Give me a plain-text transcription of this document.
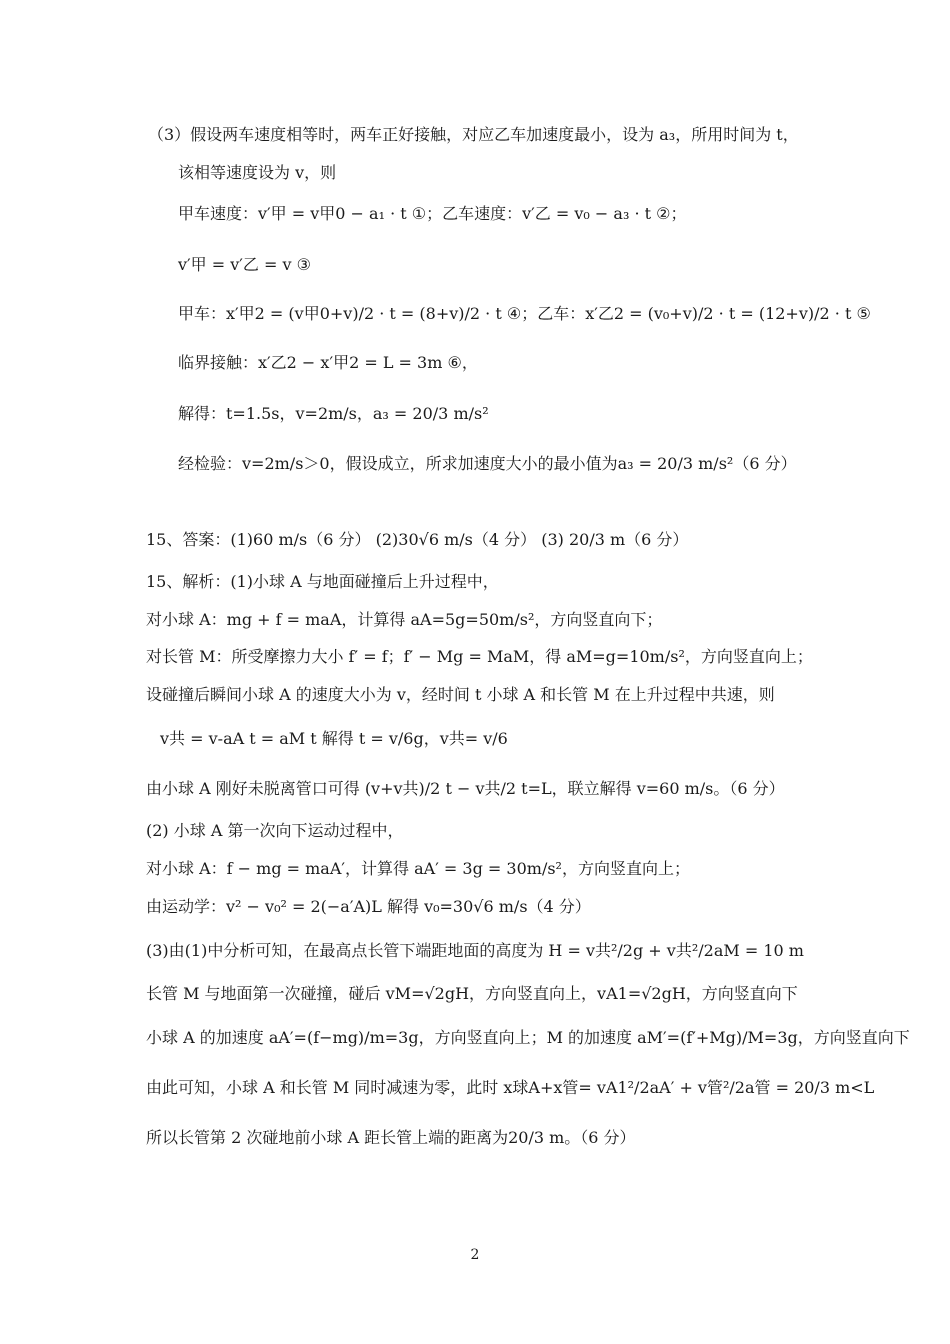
（3）假设两车速度相等时，两车正好接触，对应乙车加速度最小，设为 a₃，所用时间为 t，
该相等速度设为 v，则
甲车速度：v′甲 = v甲0 − a₁ · t ①；乙车速度：v′乙 = v₀ − a₃ · t ②；
v′甲 = v′乙 = v ③
甲车：x′甲2 = (v甲0+v)/2 · t = (8+v)/2 · t ④；乙车：x′乙2 = (v₀+v)/2 · t = (12+v)/2 · t ⑤
临界接触：x′乙2 − x′甲2 = L = 3m ⑥，
解得：t=1.5s，v=2m/s，a₃ = 20/3 m/s²
经检验：v=2m/s＞0，假设成立，所求加速度大小的最小值为a₃ = 20/3 m/s²（6 分）
15、答案：(1)60 m/s（6 分） (2)30√6 m/s（4 分） (3) 20/3 m（6 分）
15、解析：(1)小球 A 与地面碰撞后上升过程中，
对小球 A：mg + f = maA，计算得 aA=5g=50m/s²，方向竖直向下；
对长管 M：所受摩擦力大小 f′ = f；f′ − Mg = MaM，得 aM=g=10m/s²，方向竖直向上；
设碰撞后瞬间小球 A 的速度大小为 v，经时间 t 小球 A 和长管 M 在上升过程中共速，则
v共 = v-aA t = aM t 解得 t = v/6g，v共= v/6
由小球 A 刚好未脱离管口可得 (v+v共)/2 t − v共/2 t=L，联立解得 v=60 m/s。（6 分）
(2) 小球 A 第一次向下运动过程中，
对小球 A：f − mg = maA′，计算得 aA′ = 3g = 30m/s²，方向竖直向上；
由运动学：v² − v₀² = 2(−a′A)L 解得 v₀=30√6 m/s（4 分）
(3)由(1)中分析可知，在最高点长管下端距地面的高度为 H = v共²/2g + v共²/2aM = 10 m
长管 M 与地面第一次碰撞，碰后 vM=√2gH，方向竖直向上，vA1=√2gH，方向竖直向下
小球 A 的加速度 aA′=(f−mg)/m=3g，方向竖直向上；M 的加速度 aM′=(f′+Mg)/M=3g，方向竖直向下
由此可知，小球 A 和长管 M 同时减速为零，此时 x球A+x管= vA1²/2aA′ + v管²/2a管 = 20/3 m<L
所以长管第 2 次碰地前小球 A 距长管上端的距离为20/3 m。（6 分）
2
